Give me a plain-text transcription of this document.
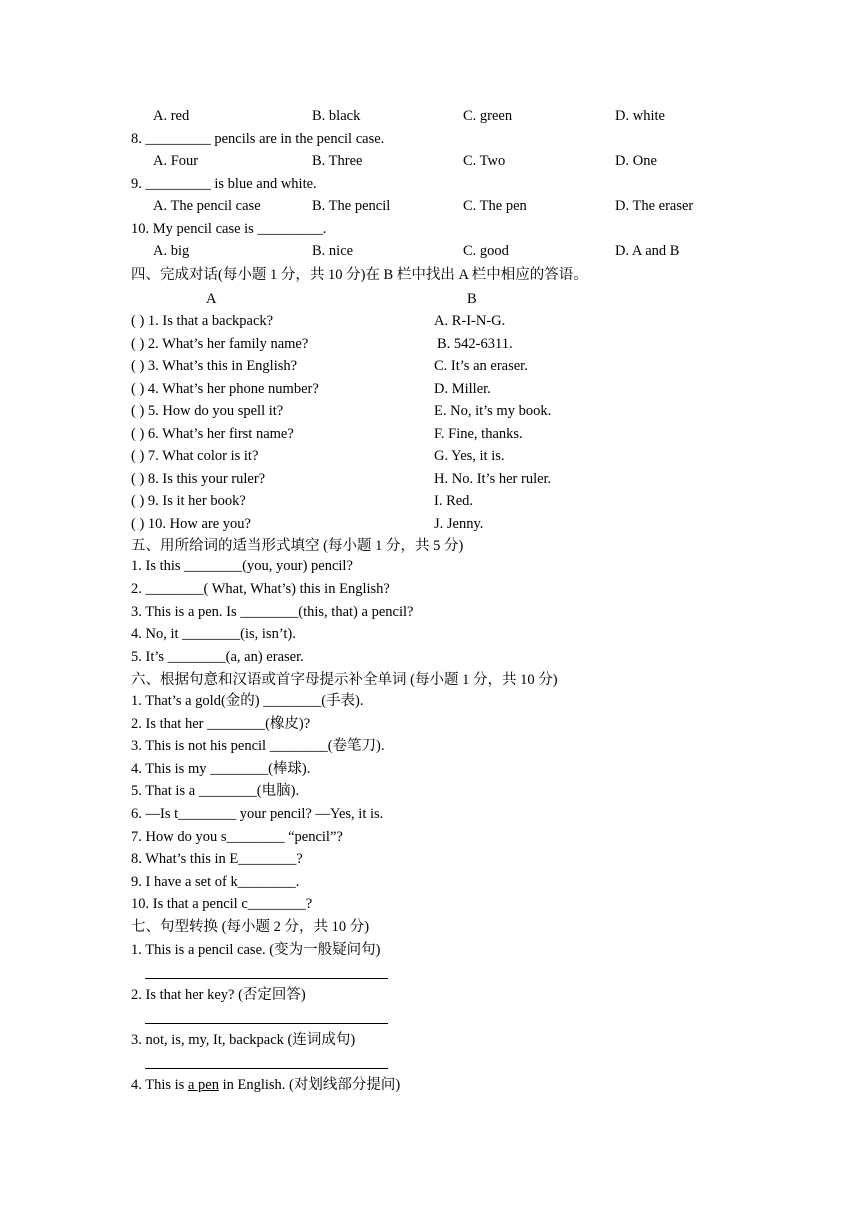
A. red	B. black	C. green	D. white
8. _________ pencils are in the pencil case.
A. Four	B. Three	C. Two	D. One
9. _________ is blue and white.
A. The pencil case	B. The pencil	C. The pen	D. The eraser
10. My pencil case is _________.
A. big	B. nice	C. good	D. A and B
四、完成对话(每小题 1 分，共 10 分)在 B 栏中找出 A 栏中相应的答语。
A	B
( ) 1. Is that a backpack?	A. R-I-N-G.
( ) 2. What’s her family name?	B. 542-6311.
( ) 3. What’s this in English?	C. It’s an eraser.
( ) 4. What’s her phone number?	D. Miller.
( ) 5. How do you spell it?	E. No, it’s my book.
( ) 6. What’s her first name?	F. Fine, thanks.
( ) 7. What color is it?	G. Yes, it is.
( ) 8. Is this your ruler?	H. No. It’s her ruler.
( ) 9. Is it her book?	I. Red.
( ) 10. How are you?	J. Jenny.
五、用所给词的适当形式填空 (每小题 1 分，共 5 分)
1. Is this ________(you, your) pencil?
2. ________( What, What’s) this in English?
3. This is a pen. Is ________(this, that) a pencil?
4. No, it ________(is, isn’t).
5. It’s ________(a, an) eraser.
六、根据句意和汉语或首字母提示补全单词 (每小题 1 分，共 10 分)
1. That’s a gold(金的) ________(手表).
2. Is that her ________(橡皮)?
3. This is not his pencil ________(卷笔刀).
4. This is my ________(棒球).
5. That is a ________(电脑).
6. —Is t________ your pencil? —Yes, it is.
7. How do you s________ “pencil”?
8. What’s this in E________?
9. I have a set of k________.
10. Is that a pencil c________?
七、句型转换 (每小题 2 分，共 10 分)
1. This is a pencil case. (变为一般疑问句)
2. Is that her key? (否定回答)
3. not, is, my, It, backpack (连词成句)
4. This is a pen in English. (对划线部分提问)
